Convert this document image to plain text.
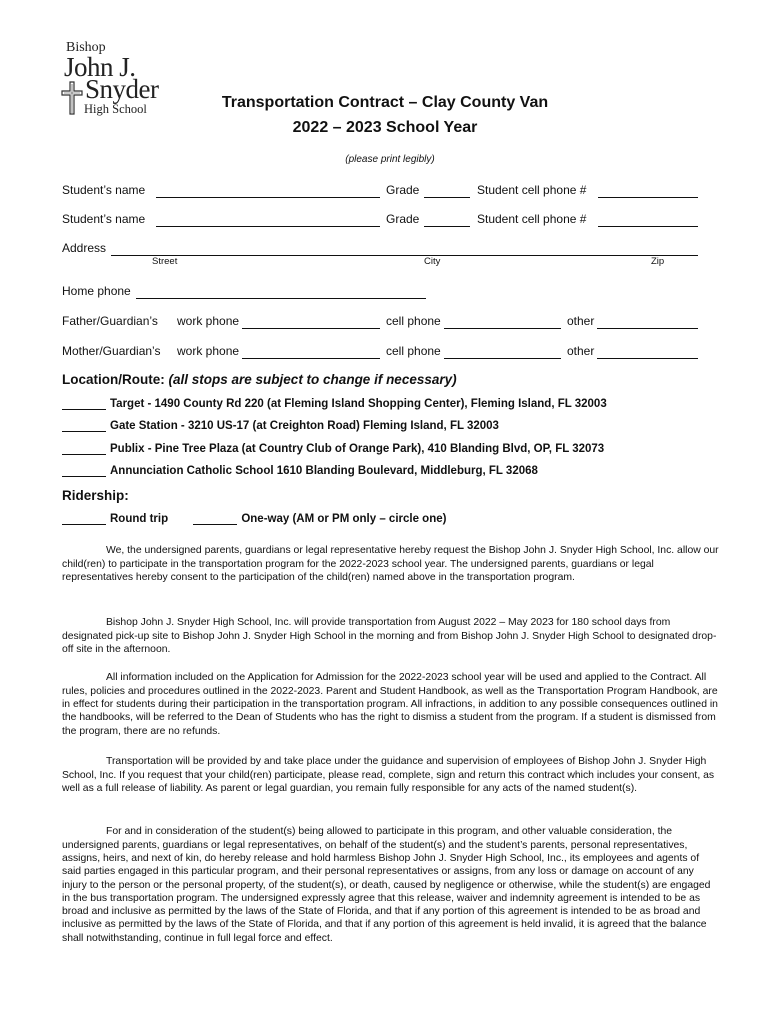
Bishop
John J.
Snyder
High School	Transportation Contract – Clay County Van
2022 – 2023 School Year
(please print legibly)
Student’s name	Grade	Student cell phone #
Student’s name	Grade	Student cell phone #
Address
Street	City	Zip
Home phone
Father/Guardian’s work phone	cell phone	other
Mother/Guardian’s work phone	cell phone	other
Location/Route: (all stops are subject to change if necessary)
Target - 1490 County Rd 220 (at Fleming Island Shopping Center), Fleming Island, FL 32003
Gate Station - 3210 US-17 (at Creighton Road) Fleming Island, FL 32003
Publix - Pine Tree Plaza (at Country Club of Orange Park), 410 Blanding Blvd, OP, FL 32073
Annunciation Catholic School 1610 Blanding Boulevard, Middleburg, FL 32068
Ridership:
Round trip	One-way (AM or PM only – circle one)

We, the undersigned parents, guardians or legal representative hereby request the Bishop John J. Snyder High School, Inc. allow our child(ren) to participate in the transportation program for the 2022-2023 school year. The undersigned parents, guardians or legal representatives hereby consent to the participation of the child(ren) named above in the transportation program.

Bishop John J. Snyder High School, Inc. will provide transportation from August 2022 – May 2023 for 180 school days from designated pick-up site to Bishop John J. Snyder High School in the morning and from Bishop John J. Snyder High School to designated drop-off site in the afternoon.

All information included on the Application for Admission for the 2022-2023 school year will be used and applied to the Contract. All rules, policies and procedures outlined in the 2022-2023. Parent and Student Handbook, as well as the Transportation Program Handbook, are in effect for students during their participation in the transportation program. All infractions, in addition to any possible consequences outlined in the handbooks, will be referred to the Dean of Students who has the right to dismiss a student from the program. If a student is dismissed from the program, there are no refunds.

Transportation will be provided by and take place under the guidance and supervision of employees of Bishop John J. Snyder High School, Inc. If you request that your child(ren) participate, please read, complete, sign and return this contract which includes your consent, as well as a full release of liability. As parent or legal guardian, you remain fully responsible for any acts of the named student(s).

For and in consideration of the student(s) being allowed to participate in this program, and other valuable consideration, the undersigned parents, guardians or legal representatives, on behalf of the student(s) and the student’s parents, personal representatives, assigns, heirs, and next of kin, do hereby release and hold harmless Bishop John J. Snyder High School, Inc., its employees and agents of said parties engaged in this particular program, and their personal representatives or assigns, from any loss or damage on account of any injury to the person or the personal property, of the student(s), or death, caused by negligence or otherwise, while the student(s) are engaged in the bus transportation program. The undersigned expressly agree that this release, waiver and indemnity agreement is intended to be as broad and inclusive as permitted by the laws of the State of Florida, and that if any portion of this agreement is intended to be as broad and inclusive as permitted by the laws of the State of Florida, and that if any portion of this agreement is held invalid, it is agreed that the balance shall notwithstanding, continue in full legal force and effect.
